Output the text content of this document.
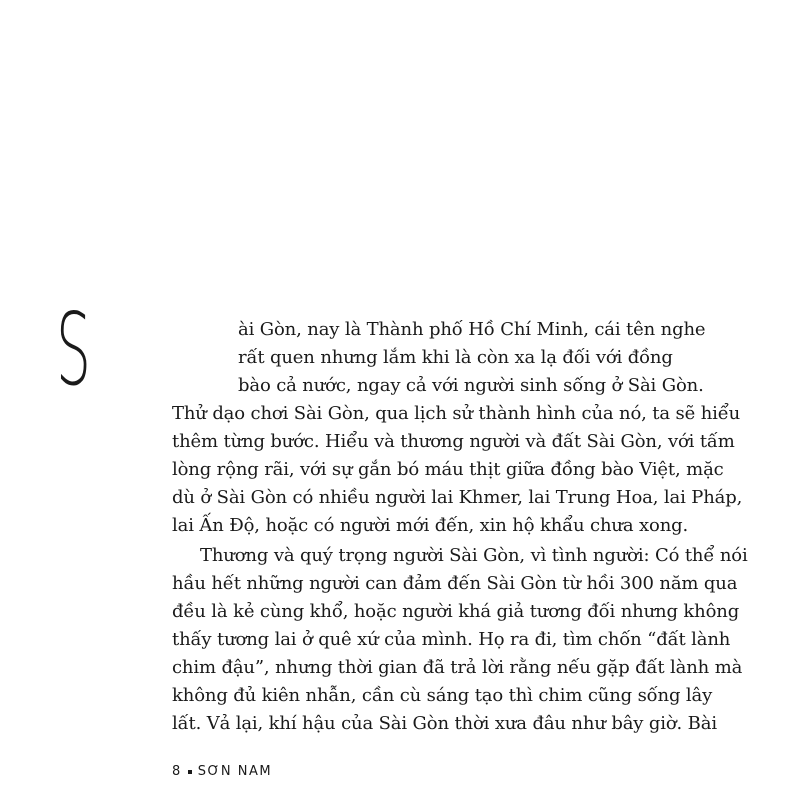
S	ài Gòn, nay là Thành phố Hồ Chí Minh, cái tên nghe
rất quen nhưng lắm khi là còn xa lạ đối với đồng
bào cả nước, ngay cả với người sinh sống ở Sài Gòn.
Thử dạo chơi Sài Gòn, qua lịch sử thành hình của nó, ta sẽ hiểu
thêm từng bước. Hiểu và thương người và đất Sài Gòn, với tấm
lòng rộng rãi, với sự gắn bó máu thịt giữa đồng bào Việt, mặc
dù ở Sài Gòn có nhiều người lai Khmer, lai Trung Hoa, lai Pháp,
lai Ấn Độ, hoặc có người mới đến, xin hộ khẩu chưa xong.
Thương và quý trọng người Sài Gòn, vì tình người: Có thể nói
hầu hết những người can đảm đến Sài Gòn từ hồi 300 năm qua
đều là kẻ cùng khổ, hoặc người khá giả tương đối nhưng không
thấy tương lai ở quê xứ của mình. Họ ra đi, tìm chốn “đất lành
chim đậu”, nhưng thời gian đã trả lời rằng nếu gặp đất lành mà
không đủ kiên nhẫn, cần cù sáng tạo thì chim cũng sống lây
lất. Vả lại, khí hậu của Sài Gòn thời xưa đâu như bây giờ. Bài
8 SƠN NAM
